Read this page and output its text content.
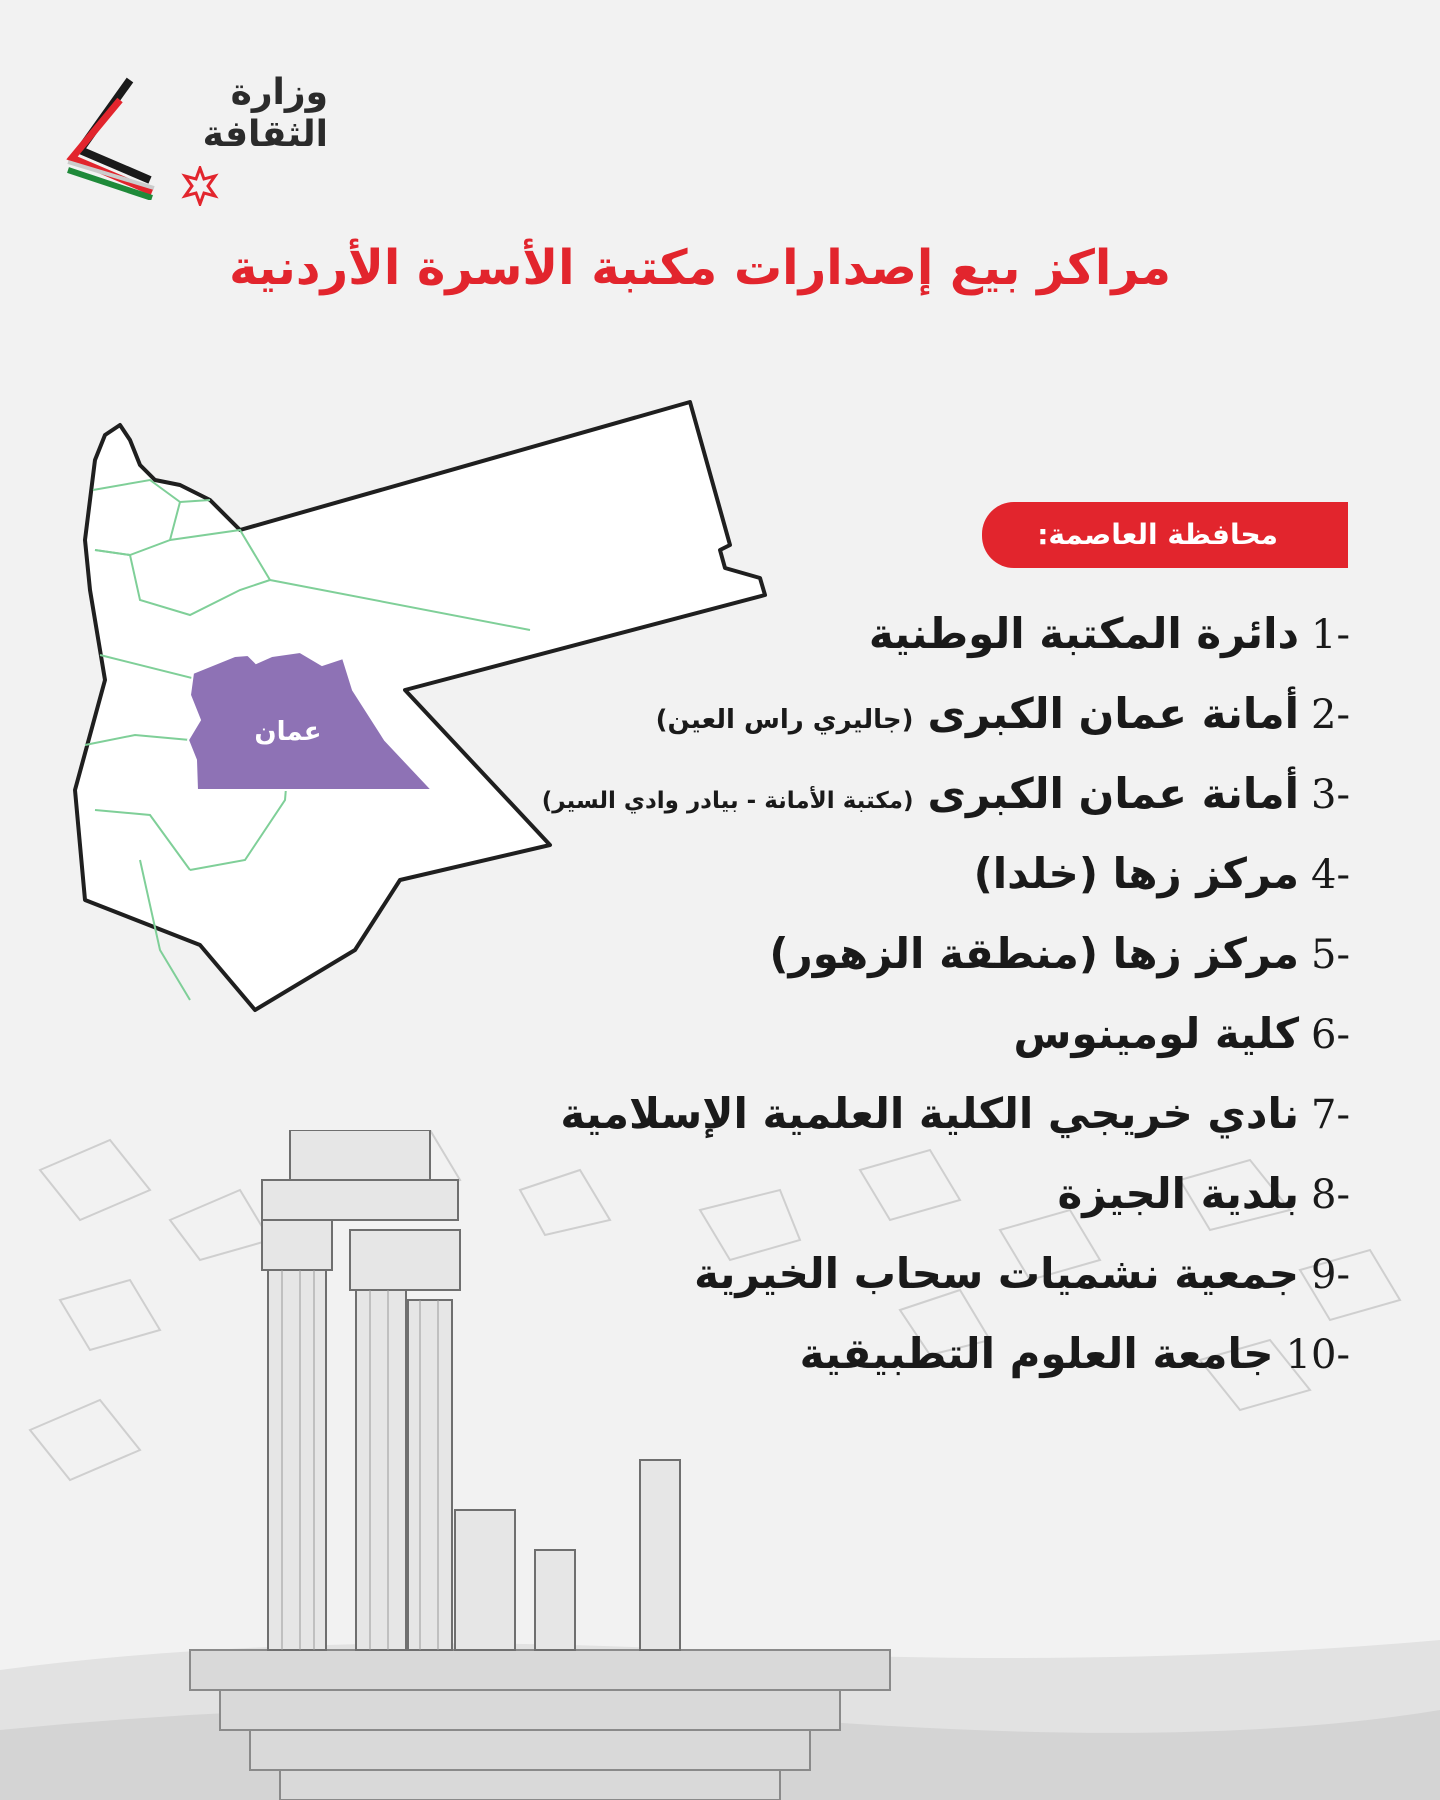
وزارة
الثقافة
مراكز بيع إصدارات مكتبة الأسرة الأردنية
عمان
محافظة العاصمة:
1-
دائرة المكتبة الوطنية
2-
أمانة عمان الكبرى
(جاليري راس العين)
3-
أمانة عمان الكبرى
(مكتبة الأمانة - بيادر وادي السير)
4-
مركز زها (خلدا)
5-
مركز زها (منطقة الزهور)
6-
كلية لومينوس
7-
نادي خريجي الكلية العلمية الإسلامية
8-
بلدية الجيزة
9-
جمعية نشميات سحاب الخيرية
10-
جامعة العلوم التطبيقية
